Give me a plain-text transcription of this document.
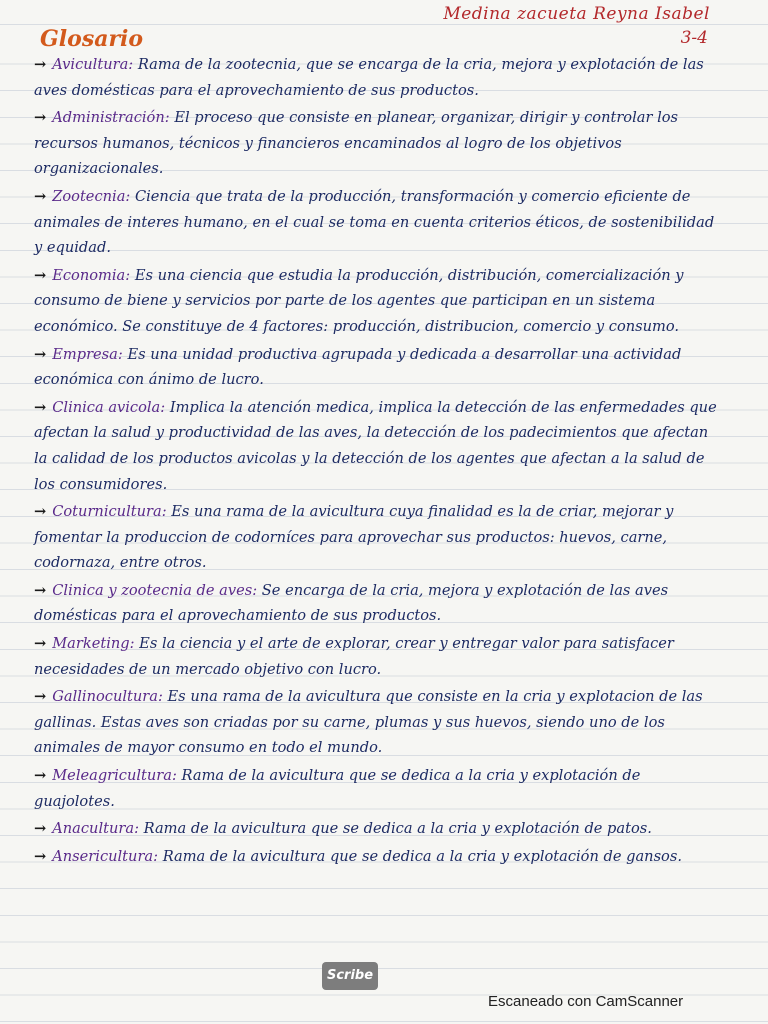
Medina zacueta Reyna Isabel
3-4
Glosario
→ Avicultura: Rama de la zootecnia, que se encarga de la cria, mejora y explotación de las aves domésticas para el aprovechamiento de sus productos.
→ Administración: El proceso que consiste en planear, organizar, dirigir y controlar los recursos humanos, técnicos y financieros encaminados al logro de los objetivos organizacionales.
→ Zootecnia: Ciencia que trata de la producción, transformación y comercio eficiente de animales de interes humano, en el cual se toma en cuenta criterios éticos, de sostenibilidad y equidad.
→ Economia: Es una ciencia que estudia la producción, distribución, comercialización y consumo de biene y servicios por parte de los agentes que participan en un sistema económico. Se constituye de 4 factores: producción, distribucion, comercio y consumo.
→ Empresa: Es una unidad productiva agrupada y dedicada a desarrollar una actividad económica con ánimo de lucro.
→ Clinica avicola: Implica la atención medica, implica la detección de las enfermedades que afectan la salud y productividad de las aves, la detección de los padecimientos que afectan la calidad de los productos avicolas y la detección de los agentes que afectan a la salud de los consumidores.
→ Coturnicultura: Es una rama de la avicultura cuya finalidad es la de criar, mejorar y fomentar la produccion de codorníces para aprovechar sus productos: huevos, carne, codornaza, entre otros.
→ Clinica y zootecnia de aves: Se encarga de la cria, mejora y explotación de las aves domésticas para el aprovechamiento de sus productos.
→ Marketing: Es la ciencia y el arte de explorar, crear y entregar valor para satisfacer necesidades de un mercado objetivo con lucro.
→ Gallinocultura: Es una rama de la avicultura que consiste en la cria y explotacion de las gallinas. Estas aves son criadas por su carne, plumas y sus huevos, siendo uno de los animales de mayor consumo en todo el mundo.
→ Meleagricultura: Rama de la avicultura que se dedica a la cria y explotación de guajolotes.
→ Anacultura: Rama de la avicultura que se dedica a la cria y explotación de patos.
→ Ansericultura: Rama de la avicultura que se dedica a la cria y explotación de gansos.
Scribe
Escaneado con CamScanner
